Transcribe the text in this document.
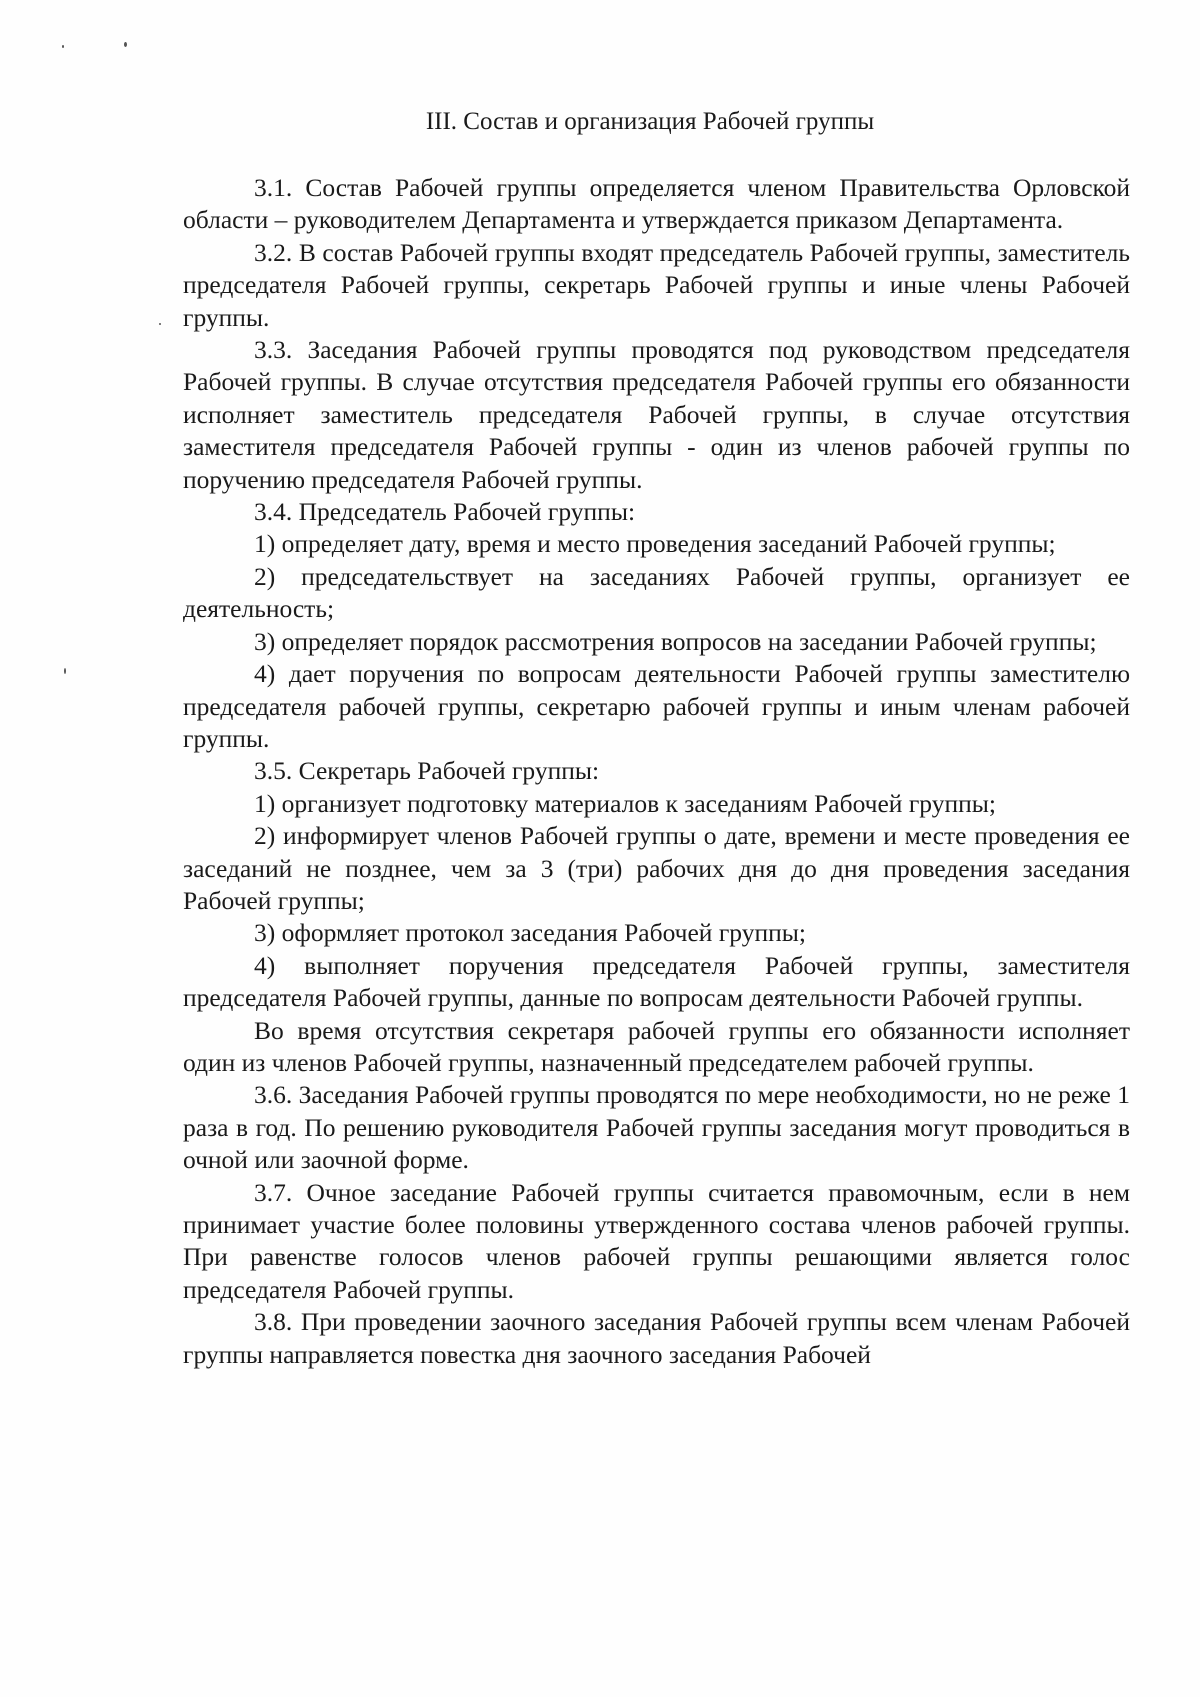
III. Состав и организация Рабочей группы

3.1. Состав Рабочей группы определяется членом Правительства Орловской области – руководителем Департамента и утверждается приказом Департамента.

3.2. В состав Рабочей группы входят председатель Рабочей группы, заместитель председателя Рабочей группы, секретарь Рабочей группы и иные члены Рабочей группы.

3.3. Заседания Рабочей группы проводятся под руководством председателя Рабочей группы. В случае отсутствия председателя Рабочей группы его обязанности исполняет заместитель председателя Рабочей группы, в случае отсутствия заместителя председателя Рабочей группы - один из членов рабочей группы по поручению председателя Рабочей группы.

3.4. Председатель Рабочей группы:

1) определяет дату, время и место проведения заседаний Рабочей группы;

2) председательствует на заседаниях Рабочей группы, организует ее деятельность;

3) определяет порядок рассмотрения вопросов на заседании Рабочей группы;

4) дает поручения по вопросам деятельности Рабочей группы заместителю председателя рабочей группы, секретарю рабочей группы и иным членам рабочей группы.

3.5. Секретарь Рабочей группы:

1) организует подготовку материалов к заседаниям Рабочей группы;

2) информирует членов Рабочей группы о дате, времени и месте проведения ее заседаний не позднее, чем за 3 (три) рабочих дня до дня проведения заседания Рабочей группы;

3) оформляет протокол заседания Рабочей группы;

4) выполняет поручения председателя Рабочей группы, заместителя председателя Рабочей группы, данные по вопросам деятельности Рабочей группы.

Во время отсутствия секретаря рабочей группы его обязанности исполняет один из членов Рабочей группы, назначенный председателем рабочей группы.

3.6. Заседания Рабочей группы проводятся по мере необходимости, но не реже 1 раза в год. По решению руководителя Рабочей группы заседания могут проводиться в очной или заочной форме.

3.7. Очное заседание Рабочей группы считается правомочным, если в нем принимает участие более половины утвержденного состава членов рабочей группы. При равенстве голосов членов рабочей группы решающими является голос председателя Рабочей группы.

3.8. При проведении заочного заседания Рабочей группы всем членам Рабочей группы направляется повестка дня заочного заседания Рабочей
